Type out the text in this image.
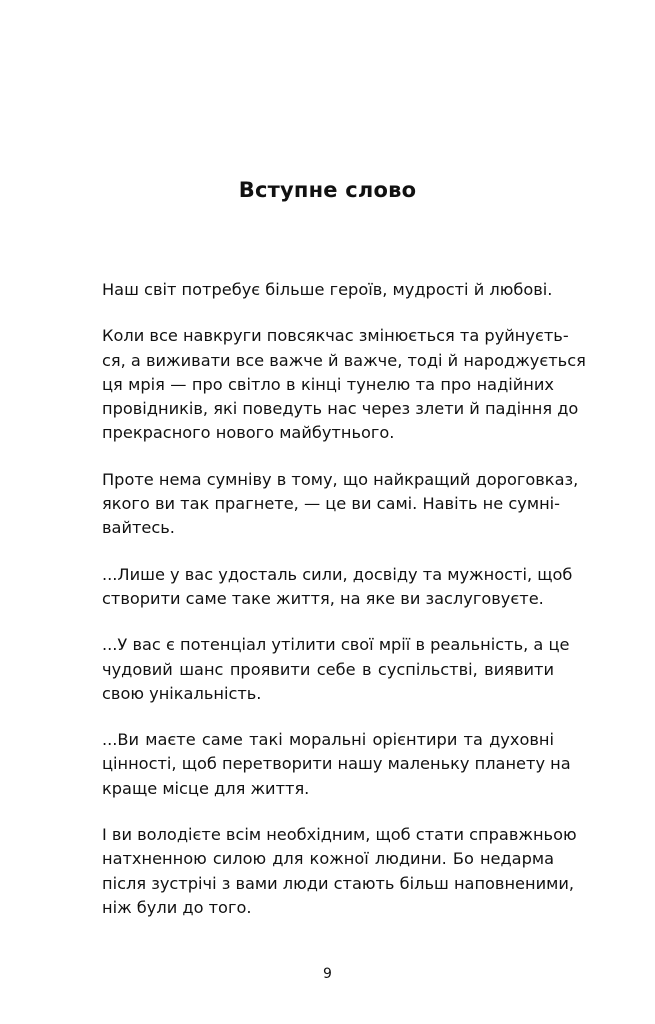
Вступне слово
Наш світ потребує більше героїв, мудрості й любові.
Коли все навкруги повсякчас змінюється та руйнуєть-
ся, а виживати все важче й важче, тоді й народжується
ця мрія — про світло в кінці тунелю та про надійних
провідників, які поведуть нас через злети й падіння до
прекрасного нового майбутнього.
Проте нема сумніву в тому, що найкращий дороговказ,
якого ви так прагнете, — це ви самі. Навіть не сумні-
вайтесь.
...Лише у вас удосталь сили, досвіду та мужності, щоб
створити саме таке життя, на яке ви заслуговуєте.
...У вас є потенціал утілити свої мрії в реальність, а це
чудовий шанс проявити себе в суспільстві, виявити
свою унікальність.
...Ви маєте саме такі моральні орієнтири та духовні
цінності, щоб перетворити нашу маленьку планету на
краще місце для життя.
І ви володієте всім необхідним, щоб стати справжньою
натхненною силою для кожної людини. Бо недарма
після зустрічі з вами люди стають більш наповненими,
ніж були до того.
9
